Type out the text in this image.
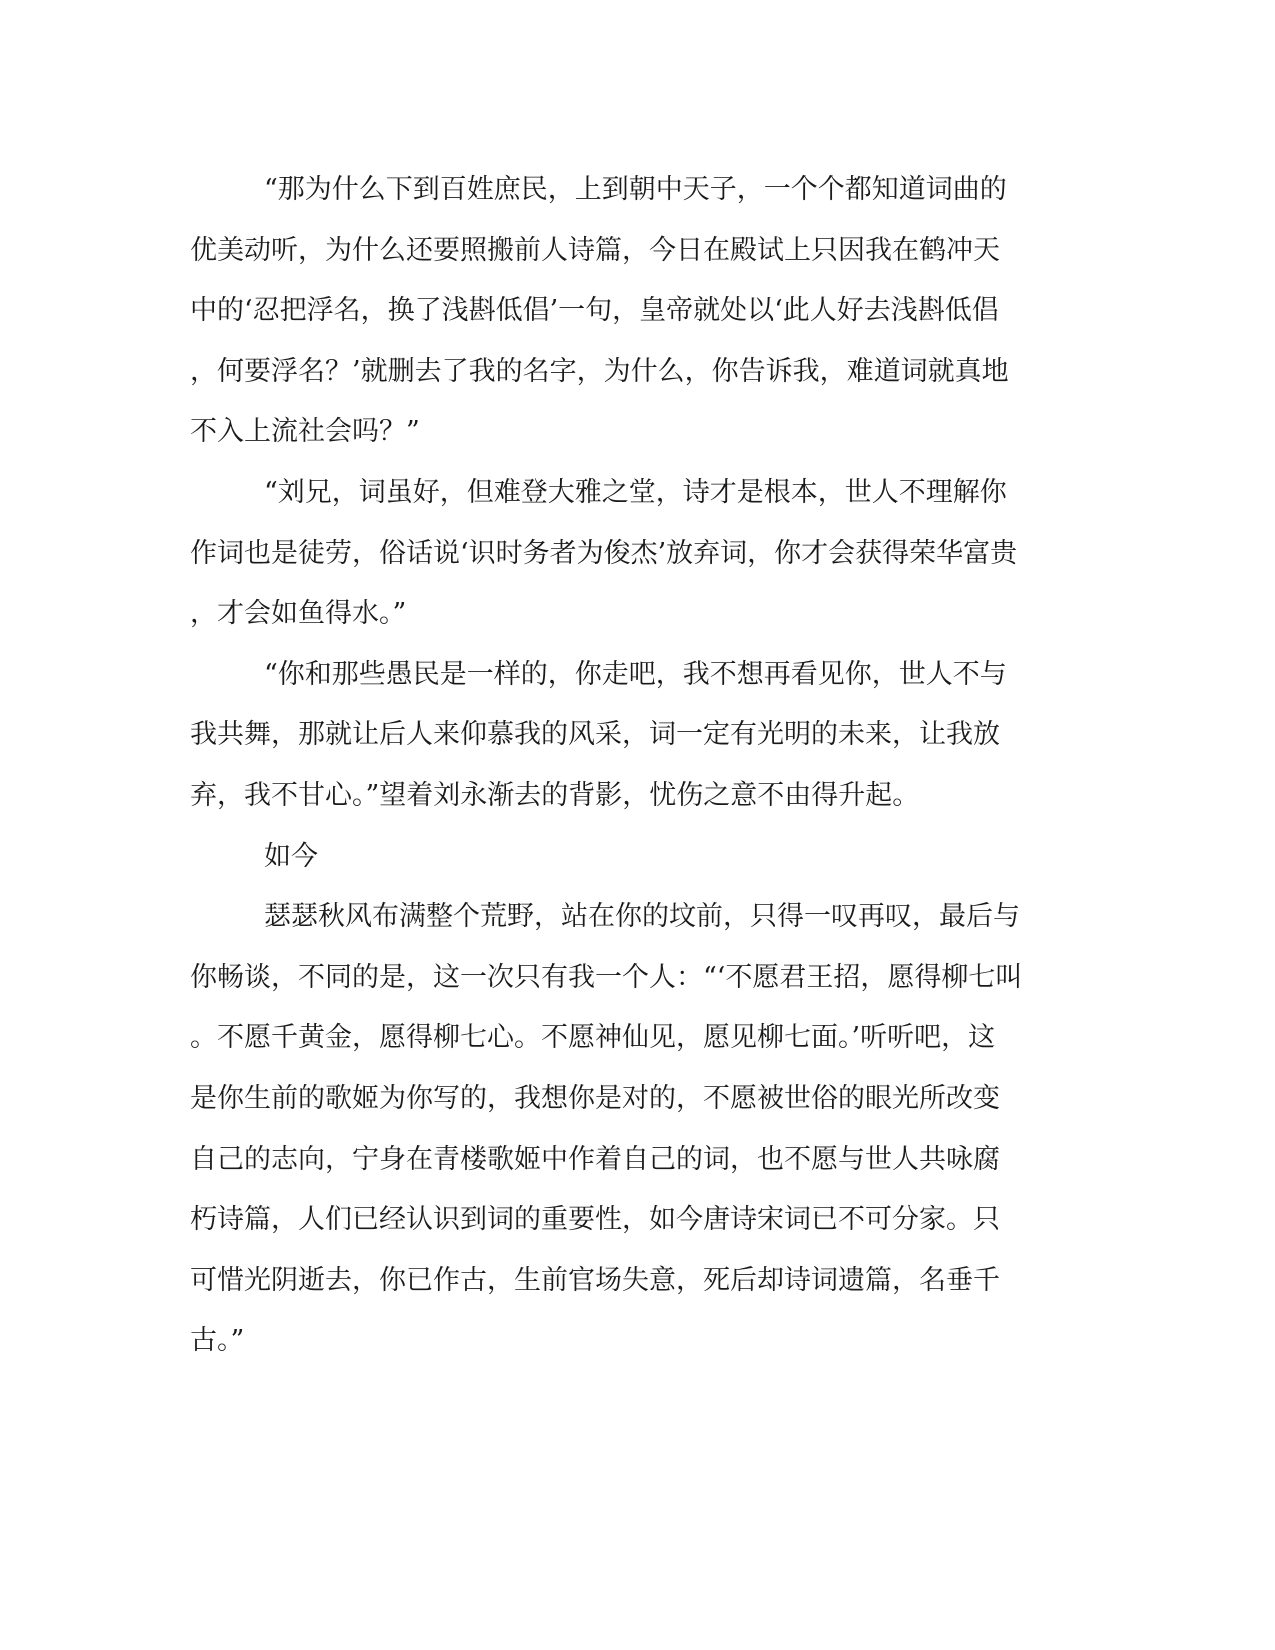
“那为什么下到百姓庶民，上到朝中天子，一个个都知道词曲的
优美动听，为什么还要照搬前人诗篇，今日在殿试上只因我在鹤冲天
中的‘忍把浮名，换了浅斟低倡’一句，皇帝就处以‘此人好去浅斟低倡
，何要浮名？’就删去了我的名字，为什么，你告诉我，难道词就真地
不入上流社会吗？”
“刘兄，词虽好，但难登大雅之堂，诗才是根本，世人不理解你
作词也是徒劳，俗话说‘识时务者为俊杰’放弃词，你才会获得荣华富贵
，才会如鱼得水。”
“你和那些愚民是一样的，你走吧，我不想再看见你，世人不与
我共舞，那就让后人来仰慕我的风采，词一定有光明的未来，让我放
弃，我不甘心。”望着刘永渐去的背影，忧伤之意不由得升起。
如今
瑟瑟秋风布满整个荒野，站在你的坟前，只得一叹再叹，最后与
你畅谈，不同的是，这一次只有我一个人：“‘不愿君王招，愿得柳七叫
。不愿千黄金，愿得柳七心。不愿神仙见，愿见柳七面。’听听吧，这
是你生前的歌姬为你写的，我想你是对的，不愿被世俗的眼光所改变
自己的志向，宁身在青楼歌姬中作着自己的词，也不愿与世人共咏腐
朽诗篇，人们已经认识到词的重要性，如今唐诗宋词已不可分家。只
可惜光阴逝去，你已作古，生前官场失意，死后却诗词遗篇，名垂千
古。”
